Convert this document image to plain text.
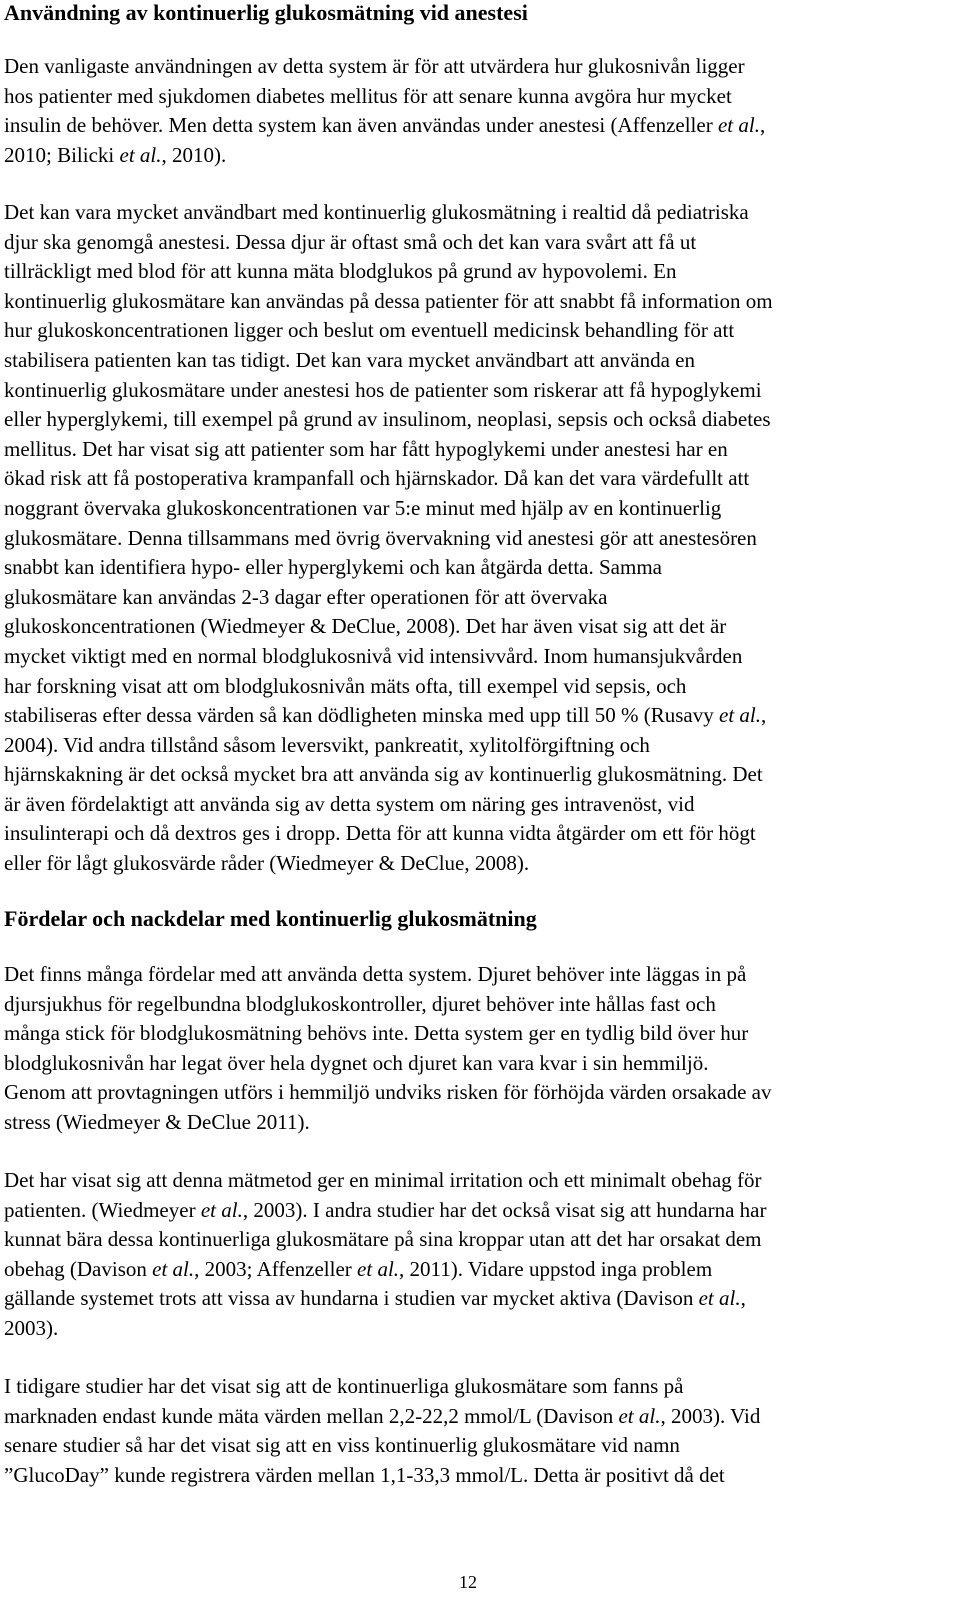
Användning av kontinuerlig glukosmätning vid anestesi
Den vanligaste användningen av detta system är för att utvärdera hur glukosnivån ligger
hos patienter med sjukdomen diabetes mellitus för att senare kunna avgöra hur mycket
insulin de behöver. Men detta system kan även användas under anestesi (Affenzeller et al.,
2010; Bilicki et al., 2010).
Det kan vara mycket användbart med kontinuerlig glukosmätning i realtid då pediatriska
djur ska genomgå anestesi. Dessa djur är oftast små och det kan vara svårt att få ut
tillräckligt med blod för att kunna mäta blodglukos på grund av hypovolemi. En
kontinuerlig glukosmätare kan användas på dessa patienter för att snabbt få information om
hur glukoskoncentrationen ligger och beslut om eventuell medicinsk behandling för att
stabilisera patienten kan tas tidigt. Det kan vara mycket användbart att använda en
kontinuerlig glukosmätare under anestesi hos de patienter som riskerar att få hypoglykemi
eller hyperglykemi, till exempel på grund av insulinom, neoplasi, sepsis och också diabetes
mellitus. Det har visat sig att patienter som har fått hypoglykemi under anestesi har en
ökad risk att få postoperativa krampanfall och hjärnskador. Då kan det vara värdefullt att
noggrant övervaka glukoskoncentrationen var 5:e minut med hjälp av en kontinuerlig
glukosmätare. Denna tillsammans med övrig övervakning vid anestesi gör att anestesören
snabbt kan identifiera hypo- eller hyperglykemi och kan åtgärda detta. Samma
glukosmätare kan användas 2-3 dagar efter operationen för att övervaka
glukoskoncentrationen (Wiedmeyer & DeClue, 2008). Det har även visat sig att det är
mycket viktigt med en normal blodglukosnivå vid intensivvård. Inom humansjukvården
har forskning visat att om blodglukosnivån mäts ofta, till exempel vid sepsis, och
stabiliseras efter dessa värden så kan dödligheten minska med upp till 50 % (Rusavy et al.,
2004). Vid andra tillstånd såsom leversvikt, pankreatit, xylitolförgiftning och
hjärnskakning är det också mycket bra att använda sig av kontinuerlig glukosmätning. Det
är även fördelaktigt att använda sig av detta system om näring ges intravenöst, vid
insulinterapi och då dextros ges i dropp. Detta för att kunna vidta åtgärder om ett för högt
eller för lågt glukosvärde råder (Wiedmeyer & DeClue, 2008).
Fördelar och nackdelar med kontinuerlig glukosmätning
Det finns många fördelar med att använda detta system. Djuret behöver inte läggas in på
djursjukhus för regelbundna blodglukoskontroller, djuret behöver inte hållas fast och
många stick för blodglukosmätning behövs inte. Detta system ger en tydlig bild över hur
blodglukosnivån har legat över hela dygnet och djuret kan vara kvar i sin hemmiljö.
Genom att provtagningen utförs i hemmiljö undviks risken för förhöjda värden orsakade av
stress (Wiedmeyer & DeClue 2011).
Det har visat sig att denna mätmetod ger en minimal irritation och ett minimalt obehag för
patienten. (Wiedmeyer et al., 2003). I andra studier har det också visat sig att hundarna har
kunnat bära dessa kontinuerliga glukosmätare på sina kroppar utan att det har orsakat dem
obehag (Davison et al., 2003; Affenzeller et al., 2011). Vidare uppstod inga problem
gällande systemet trots att vissa av hundarna i studien var mycket aktiva (Davison et al.,
2003).
I tidigare studier har det visat sig att de kontinuerliga glukosmätare som fanns på
marknaden endast kunde mäta värden mellan 2,2-22,2 mmol/L (Davison et al., 2003). Vid
senare studier så har det visat sig att en viss kontinuerlig glukosmätare vid namn
”GlucoDay” kunde registrera värden mellan 1,1-33,3 mmol/L. Detta är positivt då det
12
